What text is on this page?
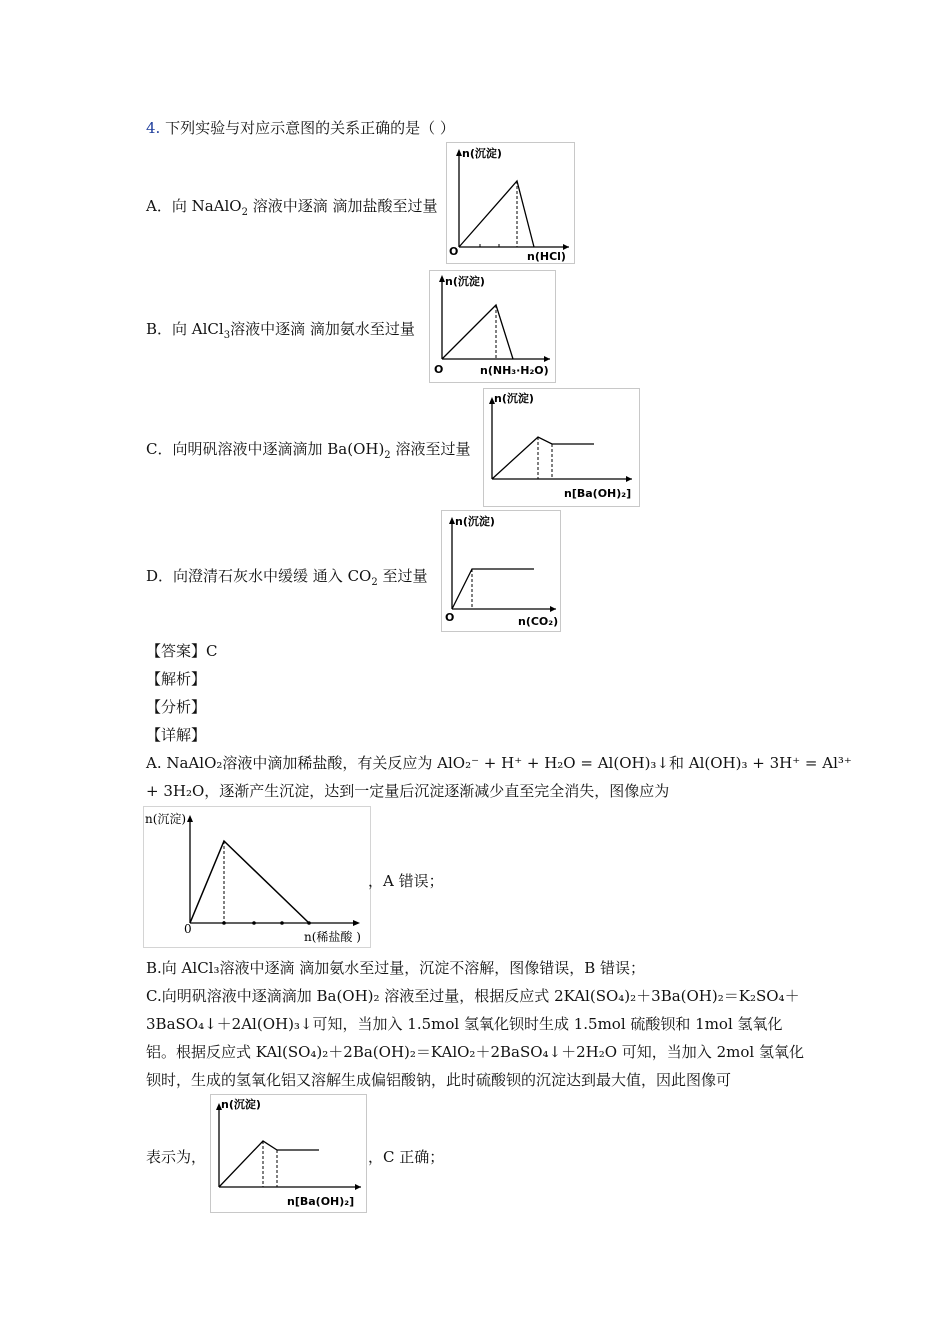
4. 下列实验与对应示意图的关系正确的是（ ）
A．向 NaAlO$_2$ 溶液中逐滴 滴加盐酸至过量
n(沉淀)
n(HCl)
O
B．向 AlCl$_3$溶液中逐滴 滴加氨水至过量
n(沉淀)
n(NH₃·H₂O)
O
C．向明矾溶液中逐滴滴加 $Ba(OH)_2$ 溶液至过量
n(沉淀)
n[Ba(OH)₂]
D．向澄清石灰水中缓缓 通入 $CO_2$ 至过量
n(沉淀)
n(CO₂)
O
【答案】C
【解析】
【分析】
【详解】
A. NaAlO₂溶液中滴加稀盐酸，有关反应为 AlO₂⁻ + H⁺ + H₂O = Al(OH)₃↓和 Al(OH)₃ + 3H⁺ = Al³⁺
+ 3H₂O，逐渐产生沉淀，达到一定量后沉淀逐渐减少直至完全消失，图像应为
n(沉淀)
n(稀盐酸 )
0
，A 错误；
B.向 AlCl₃溶液中逐滴 滴加氨水至过量，沉淀不溶解，图像错误，B 错误；
C.向明矾溶液中逐滴滴加 Ba(OH)₂ 溶液至过量，根据反应式 2KAl(SO₄)₂＋3Ba(OH)₂＝K₂SO₄＋
3BaSO₄↓＋2Al(OH)₃↓可知，当加入 1.5mol 氢氧化钡时生成 1.5mol 硫酸钡和 1mol 氢氧化
铝。根据反应式 KAl(SO₄)₂＋2Ba(OH)₂＝KAlO₂＋2BaSO₄↓＋2H₂O 可知，当加入 2mol 氢氧化
钡时，生成的氢氧化铝又溶解生成偏铝酸钠，此时硫酸钡的沉淀达到最大值，因此图像可
表示为，
n(沉淀)
n[Ba(OH)₂]
，C 正确；
